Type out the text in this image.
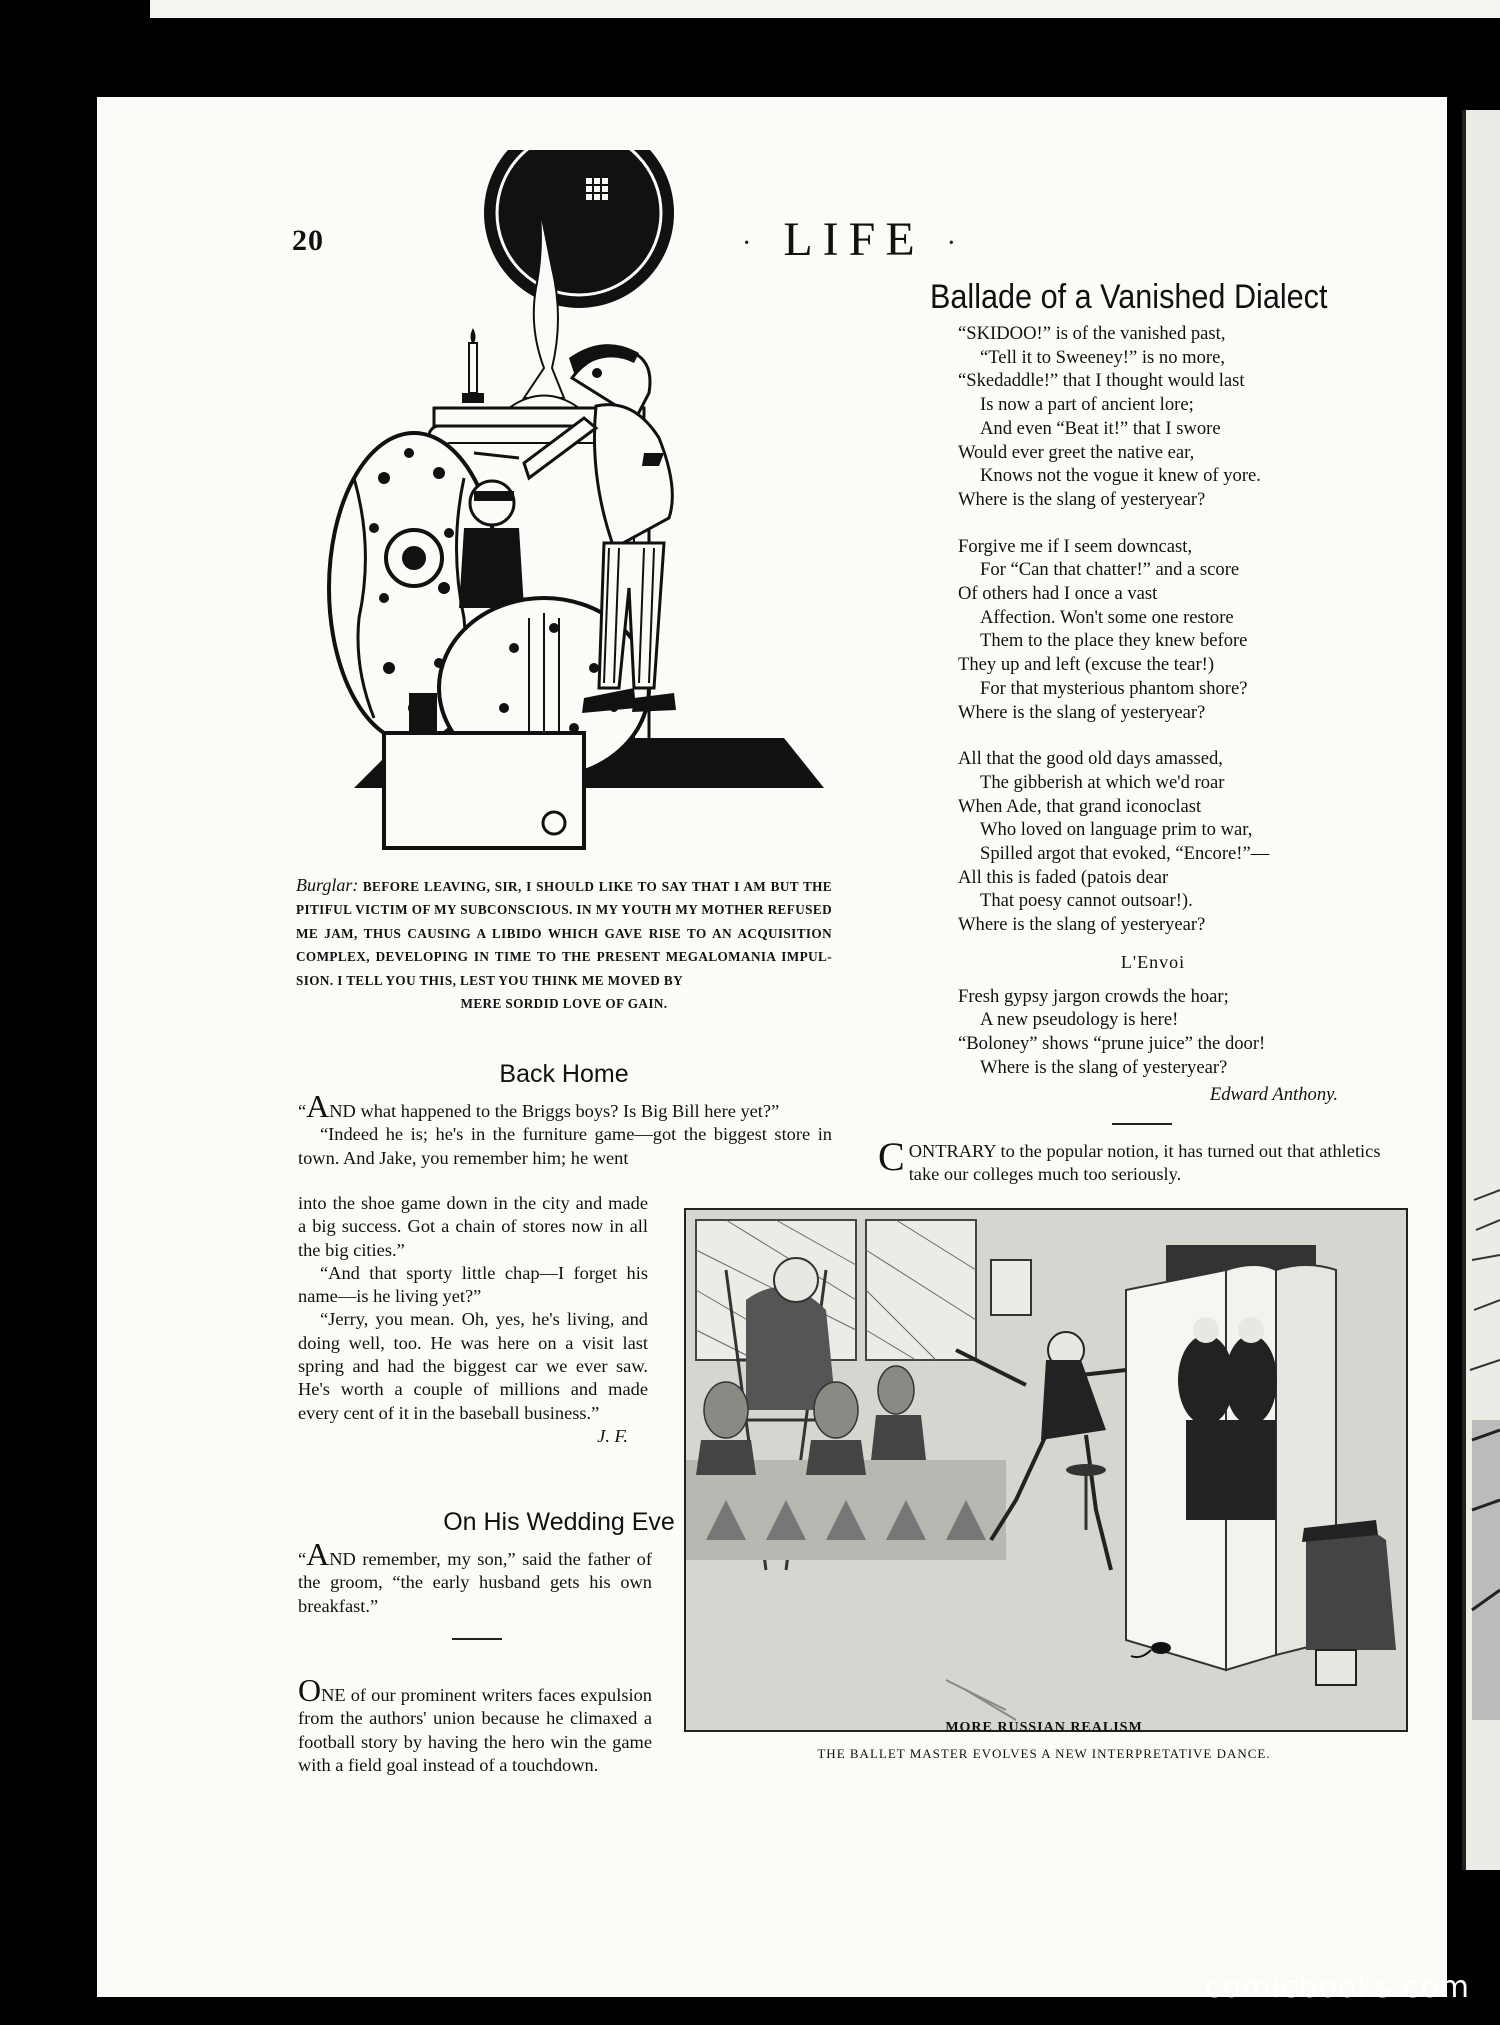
20	· LIFE ·
Burglar: BEFORE LEAVING, SIR, I SHOULD LIKE TO SAY THAT I AM BUT THE PITIFUL VICTIM OF MY SUBCONSCIOUS. IN MY YOUTH MY MOTHER REFUSED ME JAM, THUS CAUSING A LIBIDO WHICH GAVE RISE TO AN ACQUISITION COMPLEX, DEVELOPING IN TIME TO THE PRESENT MEGALOMANIA IMPUL- SION. I TELL YOU THIS, LEST YOU THINK ME MOVED BY
MERE SORDID LOVE OF GAIN.
Ballade of a Vanished Dialect
“SKIDOO!” is of the vanished past,
“Tell it to Sweeney!” is no more,
“Skedaddle!” that I thought would last
Is now a part of ancient lore;
And even “Beat it!” that I swore
Would ever greet the native ear,
Knows not the vogue it knew of yore.
Where is the slang of yesteryear?
Forgive me if I seem downcast,
For “Can that chatter!” and a score
Of others had I once a vast
Affection. Won't some one restore
Them to the place they knew before
They up and left (excuse the tear!)
For that mysterious phantom shore?
Where is the slang of yesteryear?
All that the good old days amassed,
The gibberish at which we'd roar
When Ade, that grand iconoclast
Who loved on language prim to war,
Spilled argot that evoked, “Encore!”—
All this is faded (patois dear
That poesy cannot outsoar!).
Where is the slang of yesteryear?
L'Envoi
Fresh gypsy jargon crowds the hoar;
A new pseudology is here!
“Boloney” shows “prune juice” the door!
Where is the slang of yesteryear?
Edward Anthony.
Back Home

“AND what happened to the Briggs boys? Is Big Bill here yet?”

“Indeed he is; he's in the furniture game—got the biggest store in town. And Jake, you remember him; he went

into the shoe game down in the city and made a big success. Got a chain of stores now in all the big cities.”

“And that sporty little chap—I forget his name—is he living yet?”

“Jerry, you mean. Oh, yes, he's living, and doing well, too. He was here on a visit last spring and had the biggest car we ever saw. He's worth a couple of millions and made every cent of it in the baseball business.”

J. F.
On His Wedding Eve
“AND remember, my son,” said the father of the groom, “the early husband gets his own breakfast.”
ONE of our prominent writers faces expulsion from the authors' union because he climaxed a football story by having the hero win the game with a field goal instead of a touchdown.
CONTRARY to the popular notion, it has turned out that athletics take our colleges much too seriously.
MORE RUSSIAN REALISM
THE BALLET MASTER EVOLVES A NEW INTERPRETATIVE DANCE.
comicbooks.com
